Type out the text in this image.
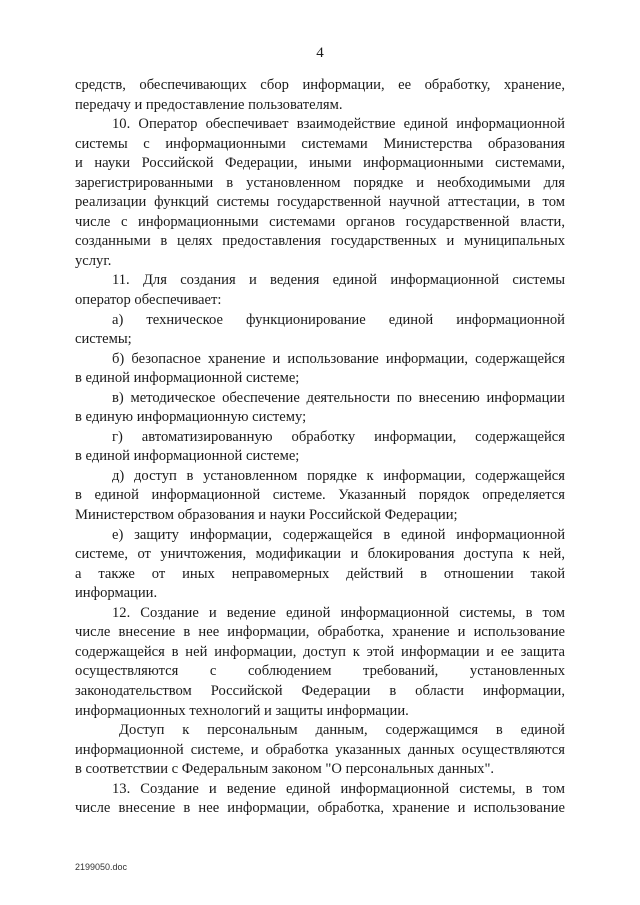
4
средств, обеспечивающих сбор информации, ее обработку, хранение,
передачу и предоставление пользователям.
10. Оператор обеспечивает взаимодействие единой информационной
системы с информационными системами Министерства образования
и науки Российской Федерации, иными информационными системами,
зарегистрированными в установленном порядке и необходимыми для
реализации функций системы государственной научной аттестации, в том
числе с информационными системами органов государственной власти,
созданными в целях предоставления государственных и муниципальных
услуг.
11. Для создания и ведения единой информационной системы
оператор обеспечивает:
а) техническое функционирование единой информационной
системы;
б) безопасное хранение и использование информации, содержащейся
в единой информационной системе;
в) методическое обеспечение деятельности по внесению информации
в единую информационную систему;
г) автоматизированную обработку информации, содержащейся
в единой информационной системе;
д) доступ в установленном порядке к информации, содержащейся
в единой информационной системе. Указанный порядок определяется
Министерством образования и науки Российской Федерации;
е) защиту информации, содержащейся в единой информационной
системе, от уничтожения, модификации и блокирования доступа к ней,
а также от иных неправомерных действий в отношении такой
информации.
12. Создание и ведение единой информационной системы, в том
числе внесение в нее информации, обработка, хранение и использование
содержащейся в ней информации, доступ к этой информации и ее защита
осуществляются с соблюдением требований, установленных
законодательством Российской Федерации в области информации,
информационных технологий и защиты информации.
Доступ к персональным данным, содержащимся в единой
информационной системе, и обработка указанных данных осуществляются
в соответствии с Федеральным законом "О персональных данных".
13. Создание и ведение единой информационной системы, в том
числе внесение в нее информации, обработка, хранение и использование
2199050.doc
